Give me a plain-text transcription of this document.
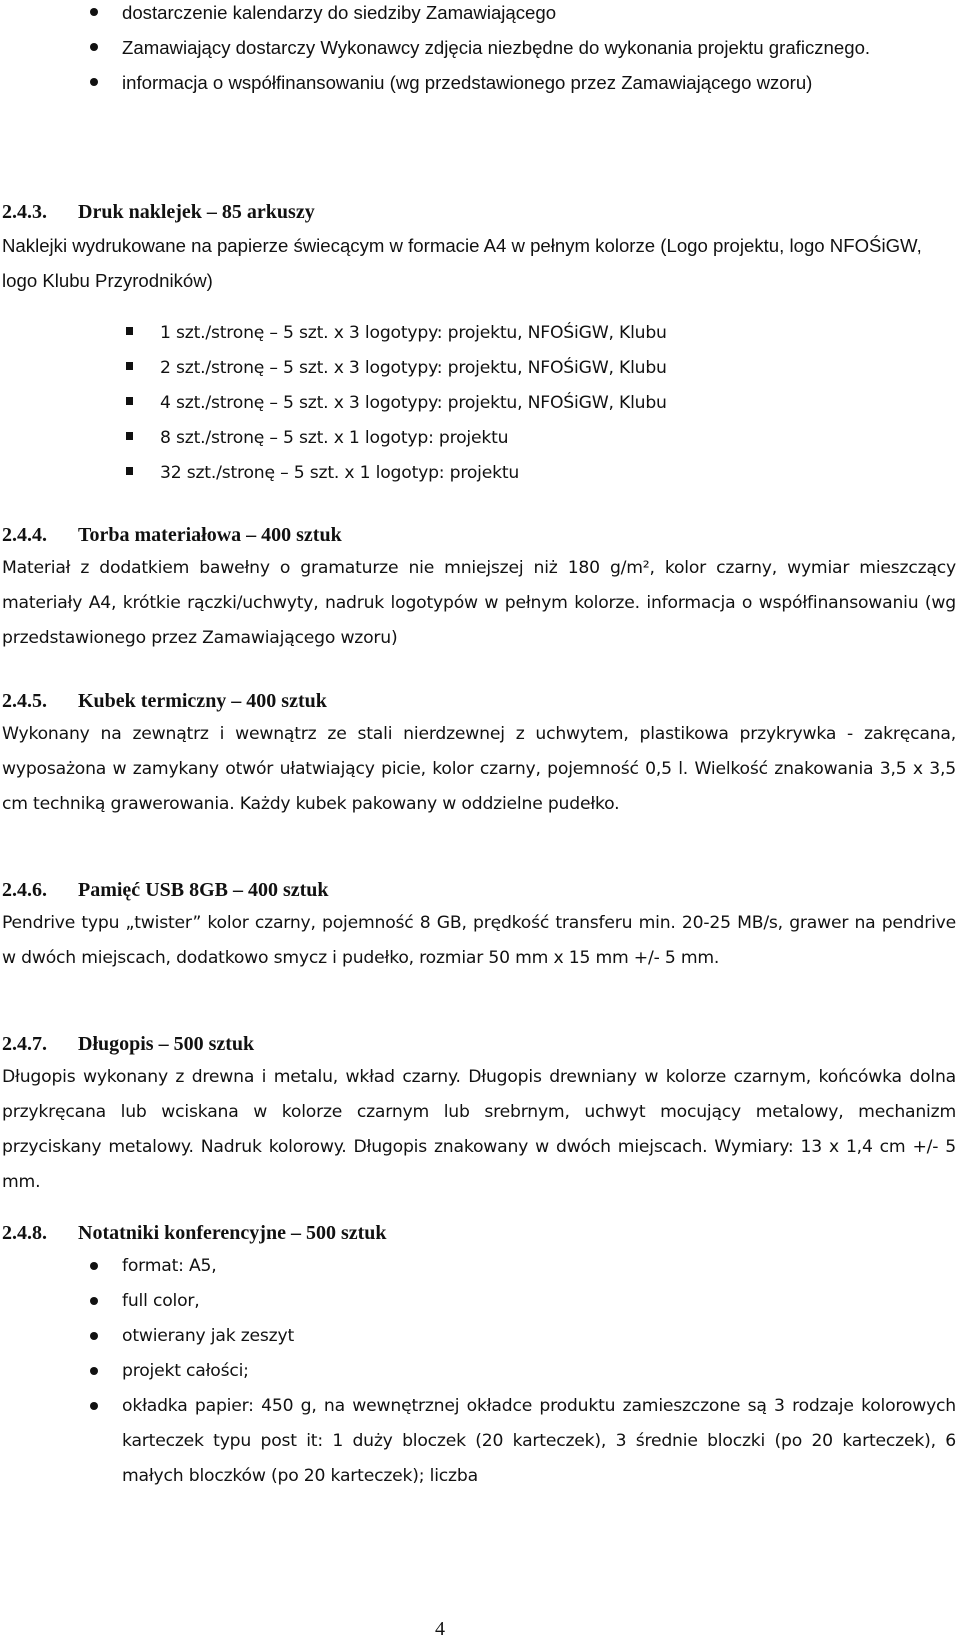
dostarczenie kalendarzy do siedziby Zamawiającego
Zamawiający dostarczy Wykonawcy zdjęcia niezbędne do wykonania projektu graficznego.
informacja o współfinansowaniu (wg przedstawionego przez Zamawiającego wzoru)
2.4.3. Druk naklejek – 85 arkuszy
Naklejki wydrukowane na papierze świecącym w formacie A4 w pełnym kolorze (Logo projektu, logo NFOŚiGW, logo Klubu Przyrodników)
1 szt./stronę – 5 szt. x 3 logotypy: projektu, NFOŚiGW, Klubu
2 szt./stronę – 5 szt. x 3 logotypy: projektu, NFOŚiGW, Klubu
4 szt./stronę – 5 szt. x 3 logotypy: projektu, NFOŚiGW, Klubu
8 szt./stronę – 5 szt. x 1 logotyp: projektu
32 szt./stronę – 5 szt. x 1 logotyp: projektu
2.4.4. Torba materiałowa – 400 sztuk
Materiał z dodatkiem bawełny o gramaturze nie mniejszej niż 180 g/m², kolor czarny, wymiar mieszczący materiały A4, krótkie rączki/uchwyty, nadruk logotypów w pełnym kolorze. informacja o współfinansowaniu (wg przedstawionego przez Zamawiającego wzoru)
2.4.5. Kubek termiczny – 400 sztuk
Wykonany na zewnątrz i wewnątrz ze stali nierdzewnej z uchwytem, plastikowa przykrywka - zakręcana, wyposażona w zamykany otwór ułatwiający picie, kolor czarny, pojemność 0,5 l. Wielkość znakowania 3,5 x 3,5 cm techniką grawerowania. Każdy kubek pakowany w oddzielne pudełko.
2.4.6. Pamięć USB 8GB – 400 sztuk
Pendrive typu „twister” kolor czarny, pojemność 8 GB, prędkość transferu min. 20-25 MB/s, grawer na pendrive w dwóch miejscach, dodatkowo smycz i pudełko, rozmiar 50 mm x 15 mm +/- 5 mm.
2.4.7. Długopis – 500 sztuk
Długopis wykonany z drewna i metalu, wkład czarny. Długopis drewniany w kolorze czarnym, końcówka dolna przykręcana lub wciskana w kolorze czarnym lub srebrnym, uchwyt mocujący metalowy, mechanizm przyciskany metalowy. Nadruk kolorowy. Długopis znakowany w dwóch miejscach. Wymiary: 13 x 1,4 cm +/- 5 mm.
2.4.8. Notatniki konferencyjne – 500 sztuk
format: A5,
full color,
otwierany jak zeszyt
projekt całości;
okładka papier: 450 g, na wewnętrznej okładce produktu zamieszczone są 3 rodzaje kolorowych karteczek typu post it: 1 duży bloczek (20 karteczek), 3 średnie bloczki (po 20 karteczek), 6 małych bloczków (po 20 karteczek); liczba
4
